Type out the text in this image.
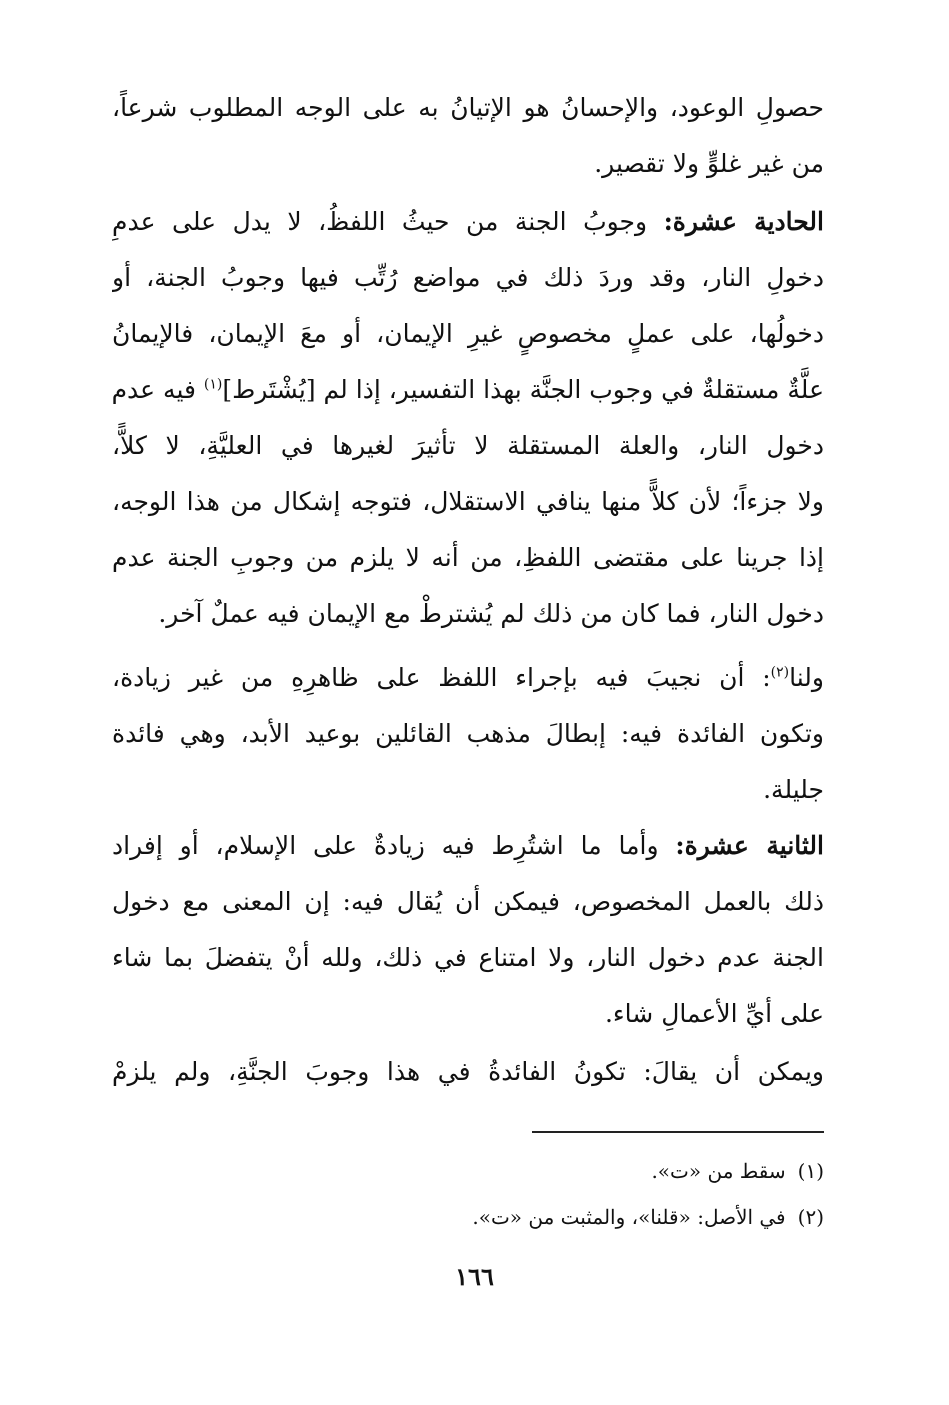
حصولِ الوعود، والإحسانُ هو الإتيانُ به على الوجه المطلوب شرعاً،
من غير غلوٍّ ولا تقصير.
الحادية عشرة: وجوبُ الجنة من حيثُ اللفظُ، لا يدل على عدمِ
دخولِ النار، وقد وردَ ذلك في مواضع رُتِّب فيها وجوبُ الجنة، أو
دخولُها، على عملٍ مخصوصٍ غيرِ الإيمان، أو معَ الإيمان، فالإيمانُ
علَّةٌ مستقلةٌ في وجوب الجنَّة بهذا التفسير، إذا لم [يُشْتَرط]$^{(١)}$ فيه عدم
دخول النار، والعلة المستقلة لا تأثيرَ لغيرها في العليَّةِ، لا كلاًّ،
ولا جزءاً؛ لأن كلاًّ منها ينافي الاستقلال، فتوجه إشكال من هذا الوجه،
إذا جرينا على مقتضى اللفظِ، من أنه لا يلزم من وجوبِ الجنة عدم
دخول النار، فما كان من ذلك لم يُشترطْ مع الإيمان فيه عملٌ آخر.
ولنا$^{(٢)}$: أن نجيبَ فيه بإجراء اللفظ على ظاهرِهِ من غير زيادة،
وتكون الفائدة فيه: إبطالَ مذهب القائلين بوعيد الأبد، وهي فائدة
جليلة.
الثانية عشرة: وأما ما اشتُرِط فيه زيادةٌ على الإسلام، أو إفراد
ذلك بالعمل المخصوص، فيمكن أن يُقال فيه: إن المعنى مع دخول
الجنة عدم دخول النار، ولا امتناع في ذلك، ولله أنْ يتفضلَ بما شاء
على أيِّ الأعمالِ شاء.
ويمكن أن يقالَ: تكونُ الفائدةُ في هذا وجوبَ الجنَّةِ، ولم يلزمْ
(١)سقط من «ت».
(٢)في الأصل: «قلنا»، والمثبت من «ت».
١٦٦
